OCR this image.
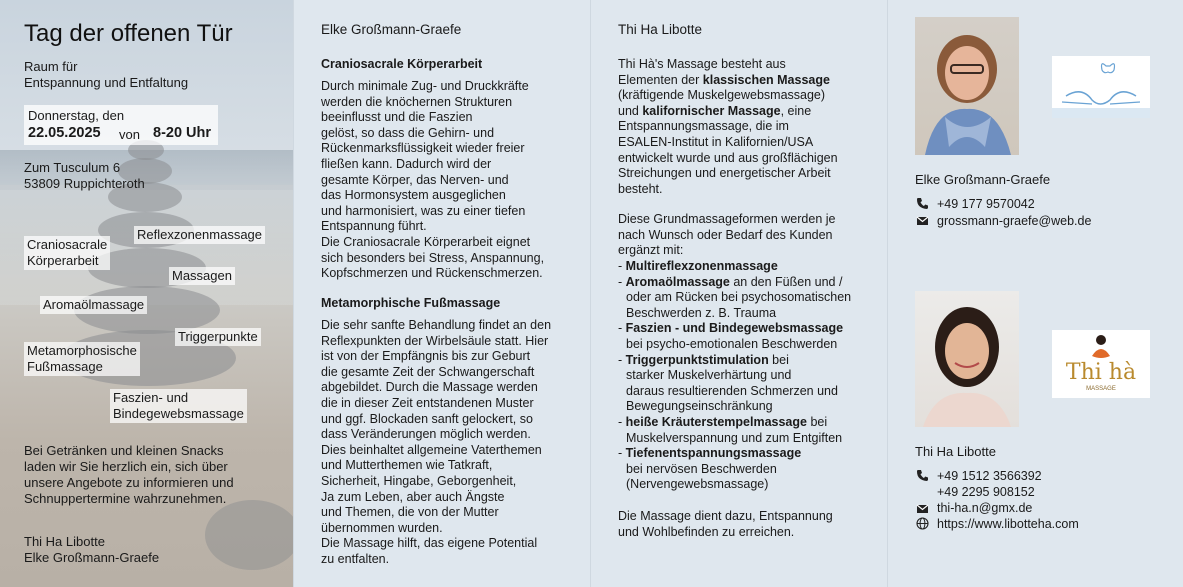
Tag der offenen Tür
Raum für
Entspannung und Entfaltung
Donnerstag, den
22.05.2025 von 8-20 Uhr
Zum Tusculum 6
53809 Ruppichteroth
Reflexzonenmassage
Craniosacrale
Körperarbeit
Massagen
Aromaölmassage
Triggerpunkte
Metamorphosische
Fußmassage
Faszien- und
Bindegewebsmassage
Bei Getränken und kleinen Snacks
laden wir Sie herzlich ein, sich über
unsere Angebote zu informieren und
Schnuppertermine wahrzunehmen.
Thi Ha Libotte
Elke Großmann-Graefe
Elke Großmann-Graefe
Craniosacrale Körperarbeit
Durch minimale Zug- und Druckkräfte
werden die knöchernen Strukturen
beeinflusst und die Faszien
gelöst, so dass die Gehirn- und
Rückenmarksflüssigkeit wieder freier
fließen kann. Dadurch wird der
gesamte Körper, das Nerven- und
das Hormonsystem ausgeglichen
und harmonisiert, was zu einer tiefen
Entspannung führt.
Die Craniosacrale Körperarbeit eignet
sich besonders bei Stress, Anspannung,
Kopfschmerzen und Rückenschmerzen.
Metamorphische Fußmassage
Die sehr sanfte Behandlung findet an den
Reflexpunkten der Wirbelsäule statt. Hier
ist von der Empfängnis bis zur Geburt
die gesamte Zeit der Schwangerschaft
abgebildet. Durch die Massage werden
die in dieser Zeit entstandenen Muster
und ggf. Blockaden sanft gelockert, so
dass Veränderungen möglich werden.
Dies beinhaltet allgemeine Vaterthemen
und Mutterthemen wie Tatkraft,
Sicherheit, Hingabe, Geborgenheit,
Ja zum Leben, aber auch Ängste
und Themen, die von der Mutter
übernommen wurden.
Die Massage hilft, das eigene Potential
zu entfalten.
Thi Ha Libotte
Thi Hà's Massage besteht aus
Elementen der klassischen Massage
(kräftigende Muskelgewebsmassage)
und kalifornischer Massage, eine
Entspannungsmassage, die im
ESALEN-Institut in Kalifornien/USA
entwickelt wurde und aus großflächigen
Streichungen und energetischer Arbeit
besteht.
Diese Grundmassageformen werden je
nach Wunsch oder Bedarf des Kunden
ergänzt mit:
- Multireflexzonenmassage
- Aromaölmassage an den Füßen und /
oder am Rücken bei psychosomatischen
Beschwerden z. B. Trauma
- Faszien - und Bindegewebsmassage
bei psycho-emotionalen Beschwerden
- Triggerpunktstimulation bei
starker Muskelverhärtung und
daraus resultierenden Schmerzen und
Bewegungseinschränkung
- heiße Kräuterstempelmassage bei
Muskelverspannung und zum Entgiften
- Tiefenentspannungsmassage
bei nervösen Beschwerden
(Nervengewebsmassage)
Die Massage dient dazu, Entspannung
und Wohlbefinden zu erreichen.
Elke Großmann-Graefe
+49 177 9570042
grossmann-graefe@web.de
Thi hà
MASSAGE
Thi Ha Libotte
+49 1512 3566392
+49 2295 908152
thi-ha.n@gmx.de
https://www.libotteha.com
